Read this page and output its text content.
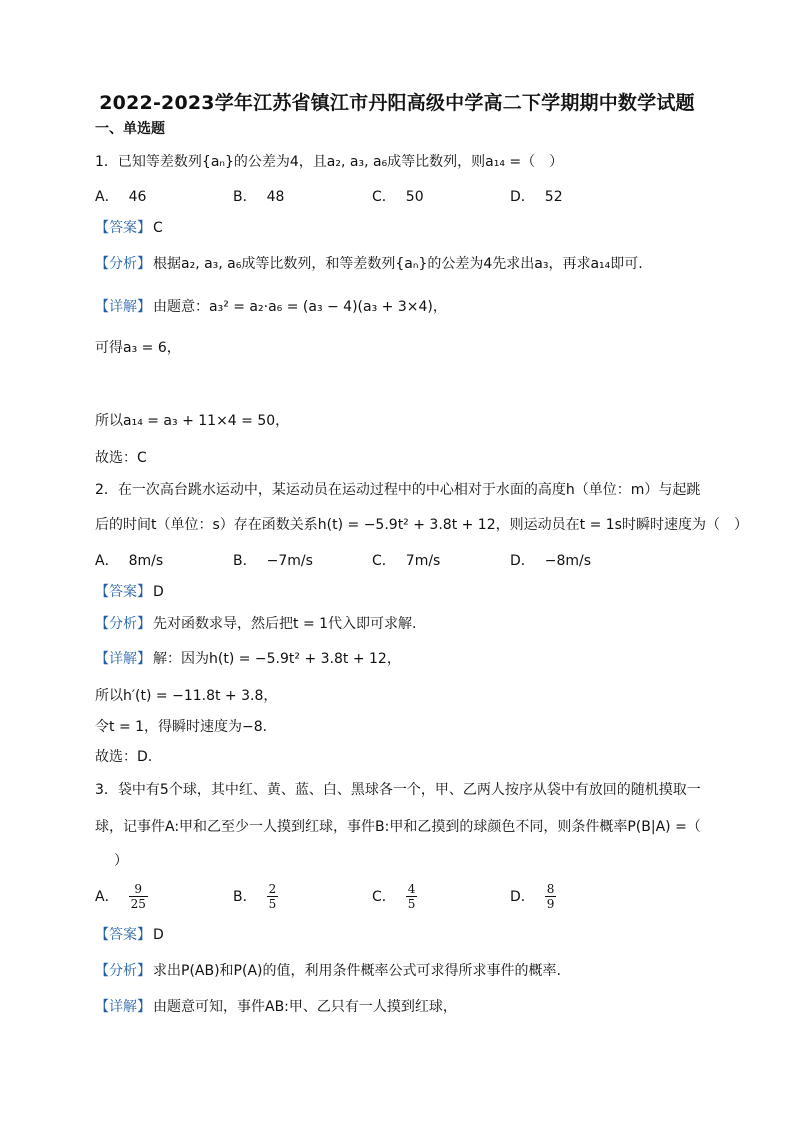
2022-2023学年江苏省镇江市丹阳高级中学高二下学期期中数学试题
一、单选题
1．已知等差数列{aₙ}的公差为4，且a₂, a₃, a₆成等比数列，则a₁₄ =（　）
A． 46	B． 48	C． 50	D． 52
【答案】 C
【分析】 根据a₂, a₃, a₆成等比数列，和等差数列{aₙ}的公差为4先求出a₃，再求a₁₄即可.
【详解】 由题意：a₃² = a₂·a₆ = (a₃ − 4)(a₃ + 3×4)，
可得a₃ = 6，
所以a₁₄ = a₃ + 11×4 = 50，
故选：C
2．在一次高台跳水运动中，某运动员在运动过程中的中心相对于水面的高度h（单位：m）与起跳
后的时间t（单位：s）存在函数关系h(t) = −5.9t² + 3.8t + 12，则运动员在t = 1s时瞬时速度为（　）
A． 8m/s	B． −7m/s	C． 7m/s	D． −8m/s
【答案】 D
【分析】 先对函数求导，然后把t = 1代入即可求解.
【详解】 解：因为h(t) = −5.9t² + 3.8t + 12，
所以h′(t) = −11.8t + 3.8，
令t = 1，得瞬时速度为−8．
故选：D.
3．袋中有5个球，其中红、黄、蓝、白、黑球各一个，甲、乙两人按序从袋中有放回的随机摸取一
球，记事件A:甲和乙至少一人摸到红球，事件B:甲和乙摸到的球颜色不同，则条件概率P(B|A) =（
）
A． $\frac{9}{25}$	B． $\frac{2}{5}$	C． $\frac{4}{5}$	D． $\frac{8}{9}$
【答案】 D
【分析】 求出P(AB)和P(A)的值，利用条件概率公式可求得所求事件的概率.
【详解】 由题意可知，事件AB:甲、乙只有一人摸到红球，
